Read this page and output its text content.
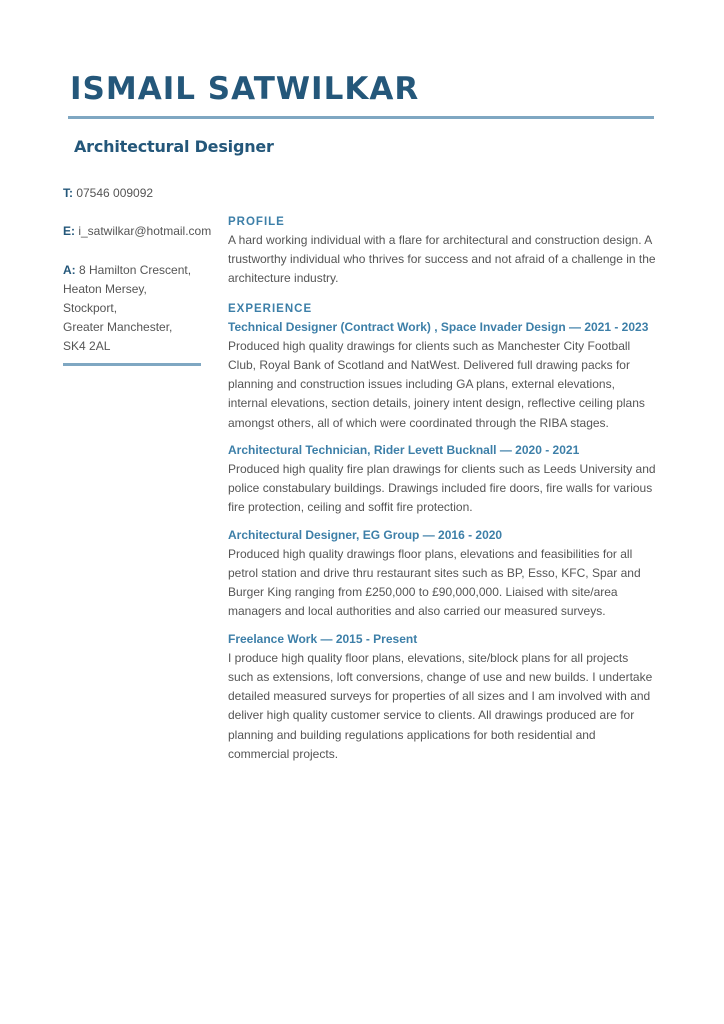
ISMAIL SATWILKAR
Architectural Designer
T: 07546 009092
E: i_satwilkar@hotmail.com
A: 8 Hamilton Crescent,
Heaton Mersey,
Stockport,
Greater Manchester,
SK4 2AL
PROFILE

A hard working individual with a flare for architectural and construction design. A trustworthy individual who thrives for success and not afraid of a challenge in the architecture industry.

EXPERIENCE

Technical Designer (Contract Work) , Space Invader Design — 2021 - 2023

Produced high quality drawings for clients such as Manchester City Football Club, Royal Bank of Scotland and NatWest. Delivered full drawing packs for planning and construction issues including GA plans, external elevations, internal elevations, section details, joinery intent design, reflective ceiling plans amongst others, all of which were coordinated through the RIBA stages.

Architectural Technician, Rider Levett Bucknall — 2020 - 2021

Produced high quality fire plan drawings for clients such as Leeds University and police constabulary buildings. Drawings included fire doors, fire walls for various fire protection, ceiling and soffit fire protection.

Architectural Designer, EG Group — 2016 - 2020

Produced high quality drawings floor plans, elevations and feasibilities for all petrol station and drive thru restaurant sites such as BP, Esso, KFC, Spar and Burger King ranging from £250,000 to £90,000,000. Liaised with site/area managers and local authorities and also carried our measured surveys.

Freelance Work — 2015 - Present

I produce high quality floor plans, elevations, site/block plans for all projects such as extensions, loft conversions, change of use and new builds. I undertake detailed measured surveys for properties of all sizes and I am involved with and deliver high quality customer service to clients. All drawings produced are for planning and building regulations applications for both residential and commercial projects.
